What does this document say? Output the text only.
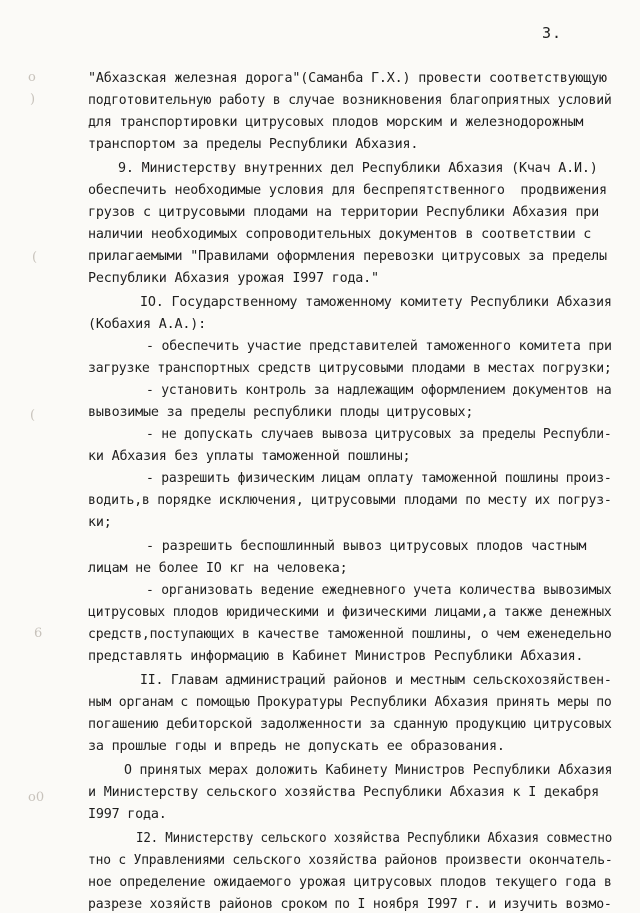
3.
o
)
(
(
6
o0
"Абхазская железная дорога"(Саманба Г.Х.) провести соответствующую
подготовительную работу в случае возникновения благоприятных условий
для транспортировки цитрусовых плодов морским и железнодорожным
транспортом за пределы Республики Абхазия.
9. Министерству внутренних дел Республики Абхазия (Кчач А.И.)
обеспечить необходимые условия для беспрепятственного  продвижения
грузов с цитрусовыми плодами на территории Республики Абхазия при
наличии необходимых сопроводительных документов в соответствии с
прилагаемыми "Правилами оформления перевозки цитрусовых за пределы
Республики Абхазия урожая I997 года."
IO. Государственному таможенному комитету Республики Абхазия
(Кобахия А.А.):
- обеспечить участие представителей таможенного комитета при
загрузке транспортных средств цитрусовыми плодами в местах погрузки;
- установить контроль за надлежащим оформлением документов на
вывозимые за пределы республики плоды цитрусовых;
- не допускать случаев вывоза цитрусовых за пределы Республи-
ки Абхазия без уплаты таможенной пошлины;
- разрешить физическим лицам оплату таможенной пошлины произ-
водить,в порядке исключения, цитрусовыми плодами по месту их погруз-
ки;
- разрешить беспошлинный вывоз цитрусовых плодов частным
лицам не более IO кг на человека;
- организовать ведение ежедневного учета количества вывозимых
цитрусовых плодов юридическими и физическими лицами,а также денежных
средств,поступающих в качестве таможенной пошлины, о чем еженедельно
представлять информацию в Кабинет Министров Республики Абхазия.
II. Главам администраций районов и местным сельскохозяйствен-
ным органам с помощью Прокуратуры Республики Абхазия принять меры по
погашению дебиторской задолженности за сданную продукцию цитрусовых
за прошлые годы и впредь не допускать ее образования.
О принятых мерах доложить Кабинету Министров Республики Абхазия
и Министерству сельского хозяйства Республики Абхазия к I декабря
I997 года.
I2. Министерству сельского хозяйства Республики Абхазия совместно
тно с Управлениями сельского хозяйства районов произвести окончатель-
ное определение ожидаемого урожая цитрусовых плодов текущего года в
разрезе хозяйств районов сроком по I ноября I997 г. и изучить возмо-
